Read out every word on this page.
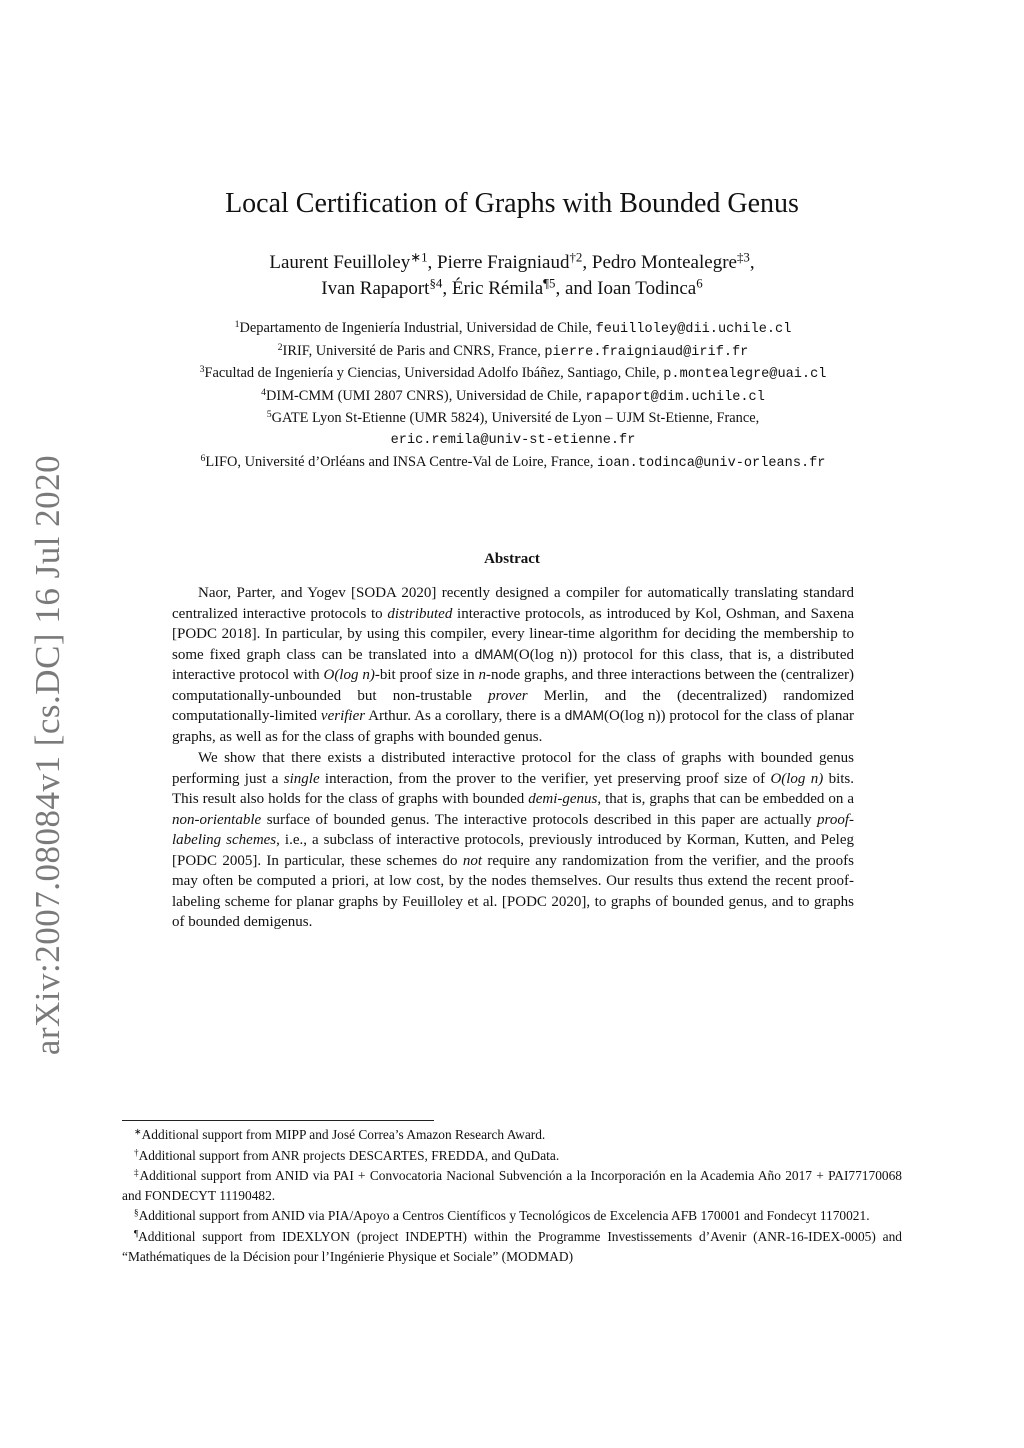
arXiv:2007.08084v1 [cs.DC] 16 Jul 2020
Local Certification of Graphs with Bounded Genus
Laurent Feuilloley$^{∗1}$, Pierre Fraigniaud$^{\dagger 2}$, Pedro Montealegre$^{\ddagger 3}$,
Ivan Rapaport$^{\S 4}$, Éric Rémila$^{\P 5}$, and Ioan Todinca$^6$
$^1$Departamento de Ingeniería Industrial, Universidad de Chile, feuilloley@dii.uchile.cl
$^2$IRIF, Université de Paris and CNRS, France, pierre.fraigniaud@irif.fr
$^3$Facultad de Ingeniería y Ciencias, Universidad Adolfo Ibáñez, Santiago, Chile, p.montealegre@uai.cl
$^4$DIM-CMM (UMI 2807 CNRS), Universidad de Chile, rapaport@dim.uchile.cl
$^5$GATE Lyon St-Etienne (UMR 5824), Université de Lyon – UJM St-Etienne, France,
eric.remila@univ-st-etienne.fr
$^6$LIFO, Université d’Orléans and INSA Centre-Val de Loire, France, ioan.todinca@univ-orleans.fr
Abstract

Naor, Parter, and Yogev [SODA 2020] recently designed a compiler for automatically translating standard centralized interactive protocols to distributed interactive protocols, as introduced by Kol, Oshman, and Saxena [PODC 2018]. In particular, by using this compiler, every linear-time algorithm for deciding the membership to some fixed graph class can be translated into a dMAM(O(log n)) protocol for this class, that is, a distributed interactive protocol with O(log n)-bit proof size in n-node graphs, and three interactions between the (centralizer) computationally-unbounded but non-trustable prover Merlin, and the (decentralized) randomized computationally-limited verifier Arthur. As a corollary, there is a dMAM(O(log n)) protocol for the class of planar graphs, as well as for the class of graphs with bounded genus.

We show that there exists a distributed interactive protocol for the class of graphs with bounded genus performing just a single interaction, from the prover to the verifier, yet preserving proof size of O(log n) bits. This result also holds for the class of graphs with bounded demi-genus, that is, graphs that can be embedded on a non-orientable surface of bounded genus. The interactive protocols described in this paper are actually proof-labeling schemes, i.e., a subclass of interactive protocols, previously introduced by Korman, Kutten, and Peleg [PODC 2005]. In particular, these schemes do not require any randomization from the verifier, and the proofs may often be computed a priori, at low cost, by the nodes themselves. Our results thus extend the recent proof-labeling scheme for planar graphs by Feuilloley et al. [PODC 2020], to graphs of bounded genus, and to graphs of bounded demigenus.

∗Additional support from MIPP and José Correa’s Amazon Research Award.
†Additional support from ANR projects DESCARTES, FREDDA, and QuData.
‡Additional support from ANID via PAI + Convocatoria Nacional Subvención a la Incorporación en la Academia Año 2017 + PAI77170068 and FONDECYT 11190482.
§Additional support from ANID via PIA/Apoyo a Centros Científicos y Tecnológicos de Excelencia AFB 170001 and Fondecyt 1170021.
¶Additional support from IDEXLYON (project INDEPTH) within the Programme Investissements d’Avenir (ANR-16-IDEX-0005) and “Mathématiques de la Décision pour l’Ingénierie Physique et Sociale” (MODMAD)
